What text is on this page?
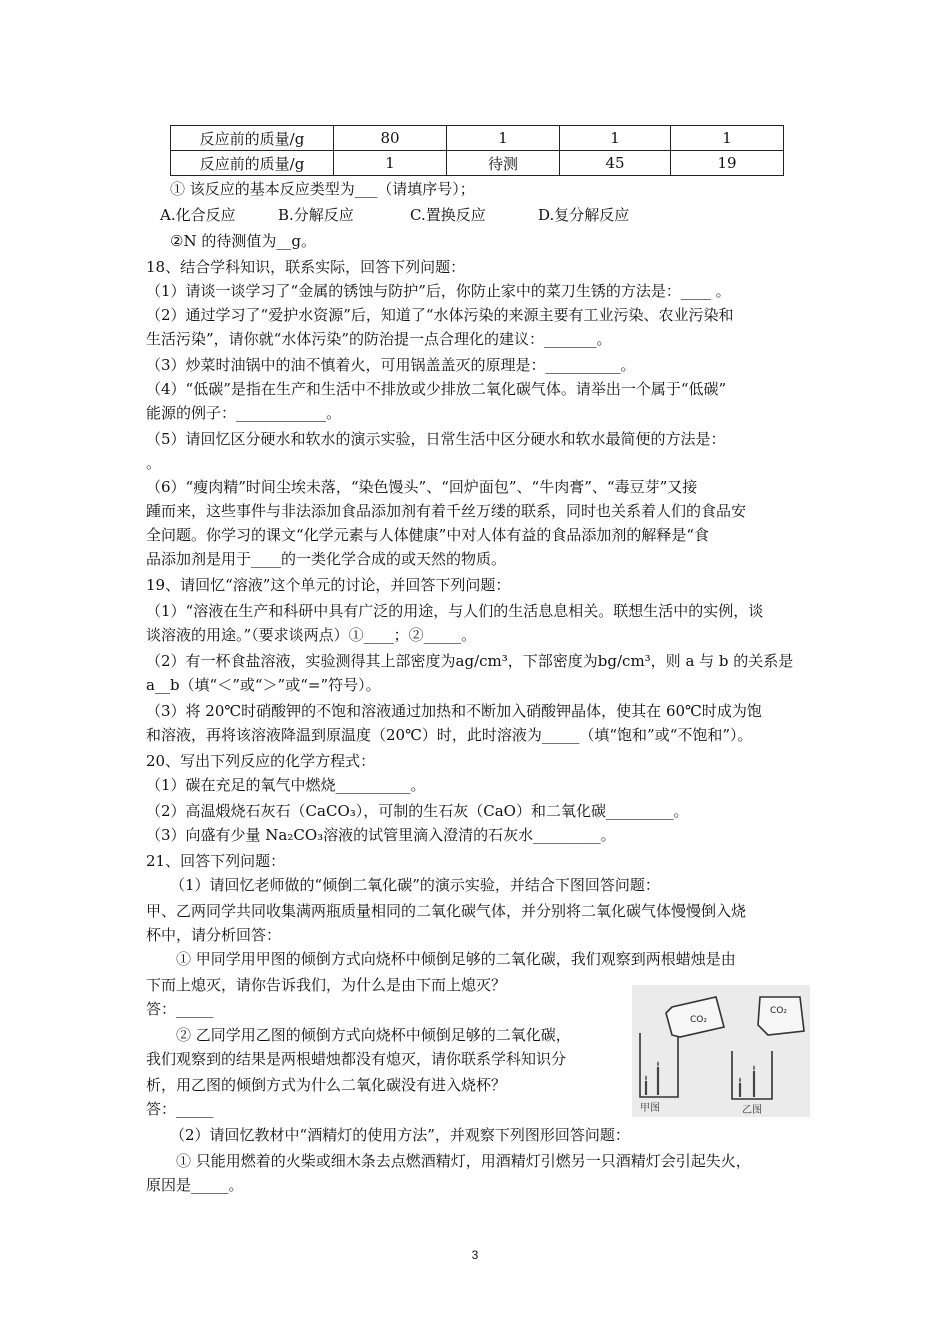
反应前的质量/g	80	1	1	1
反应前的质量/g	1	待测	45	19
① 该反应的基本反应类型为___（请填序号）；
A.化合反应	B.分解反应	C.置换反应	D.复分解反应
②N 的待测值为__g。
18、结合学科知识，联系实际，回答下列问题：
（1）请谈一谈学习了“金属的锈蚀与防护”后，你防止家中的菜刀生锈的方法是：____ 。
（2）通过学习了“爱护水资源”后，知道了“水体污染的来源主要有工业污染、农业污染和
生活污染”，请你就“水体污染”的防治提一点合理化的建议：_______。
（3）炒菜时油锅中的油不慎着火，可用锅盖盖灭的原理是：__________。
（4）“低碳”是指在生产和生活中不排放或少排放二氧化碳气体。请举出一个属于“低碳”
能源的例子：____________。
（5）请回忆区分硬水和软水的演示实验，日常生活中区分硬水和软水最简便的方法是：
。
（6）“瘦肉精”时间尘埃未落，“染色馒头”、“回炉面包”、“牛肉膏”、“毒豆芽”又接
踵而来，这些事件与非法添加食品添加剂有着千丝万缕的联系，同时也关系着人们的食品安
全问题。你学习的课文“化学元素与人体健康”中对人体有益的食品添加剂的解释是“食
品添加剂是用于____的一类化学合成的或天然的物质。
19、请回忆“溶液”这个单元的讨论，并回答下列问题：
（1）“溶液在生产和科研中具有广泛的用途，与人们的生活息息相关。联想生活中的实例，谈
谈溶液的用途。”（要求谈两点）①____；②_____。
（2）有一杯食盐溶液，实验测得其上部密度为ag/cm³，下部密度为bg/cm³，则 a 与 b 的关系是
a__b（填“＜”或“＞”或“=”符号）。
（3）将 20℃时硝酸钾的不饱和溶液通过加热和不断加入硝酸钾晶体，使其在 60℃时成为饱
和溶液，再将该溶液降温到原温度（20℃）时，此时溶液为_____（填“饱和”或“不饱和”）。
20、写出下列反应的化学方程式：
（1）碳在充足的氧气中燃烧__________。
（2）高温煅烧石灰石（CaCO₃），可制的生石灰（CaO）和二氧化碳_________。
（3）向盛有少量 Na₂CO₃溶液的试管里滴入澄清的石灰水_________。
21、回答下列问题：
（1）请回忆老师做的“倾倒二氧化碳”的演示实验，并结合下图回答问题：
甲、乙两同学共同收集满两瓶质量相同的二氧化碳气体，并分别将二氧化碳气体慢慢倒入烧
杯中，请分析回答：
① 甲同学用甲图的倾倒方式向烧杯中倾倒足够的二氧化碳，我们观察到两根蜡烛是由
下而上熄灭，请你告诉我们，为什么是由下而上熄灭？
答：_____
② 乙同学用乙图的倾倒方式向烧杯中倾倒足够的二氧化碳，
我们观察到的结果是两根蜡烛都没有熄灭，请你联系学科知识分
析，用乙图的倾倒方式为什么二氧化碳没有进入烧杯？
答：_____
（2）请回忆教材中“酒精灯的使用方法”，并观察下列图形回答问题：
① 只能用燃着的火柴或细木条去点燃酒精灯，用酒精灯引燃另一只酒精灯会引起失火，
原因是_____。
CO₂
CO₂
甲图	乙图
3
